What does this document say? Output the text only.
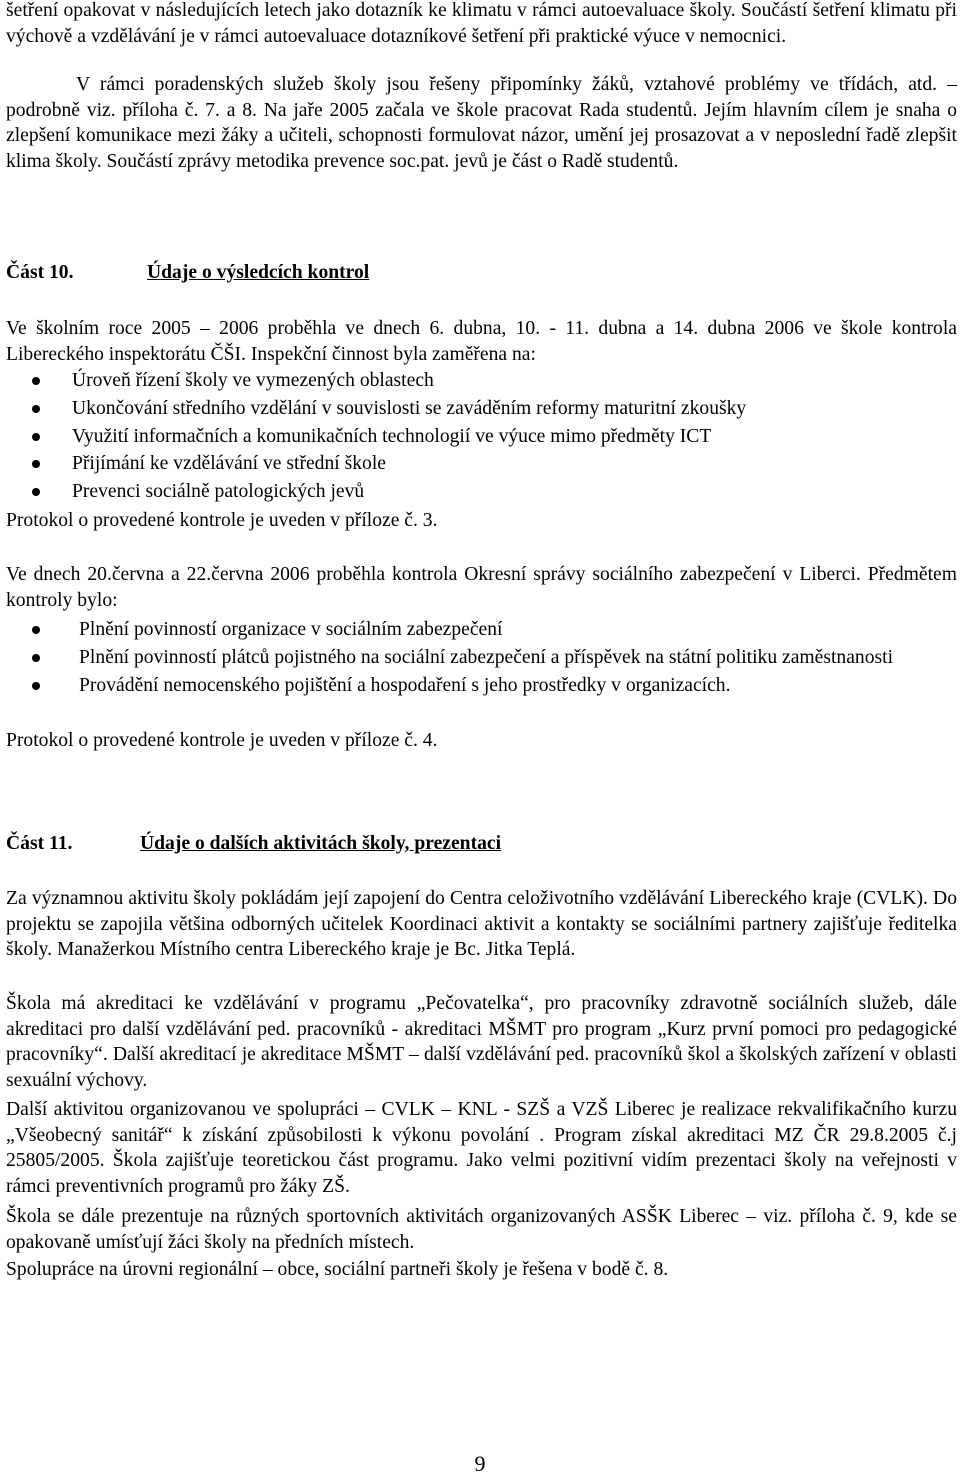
šetření opakovat v následujících letech jako dotazník ke klimatu v rámci autoevaluace školy. Součástí šetření klimatu při výchově a vzdělávání je v rámci autoevaluace dotazníkové šetření při praktické výuce v nemocnici.
V rámci poradenských služeb školy jsou řešeny připomínky žáků, vztahové problémy ve třídách, atd. – podrobně viz. příloha č. 7. a 8. Na jaře 2005 začala ve škole pracovat Rada studentů. Jejím hlavním cílem je snaha o zlepšení komunikace mezi žáky a učiteli, schopnosti formulovat názor, umění jej prosazovat a v neposlední řadě zlepšit klima školy. Součástí zprávy metodika prevence soc.pat. jevů je část o Radě studentů.
Část 10.	Údaje o výsledcích kontrol
Ve školním roce 2005 – 2006 proběhla ve dnech 6. dubna, 10. - 11. dubna a 14. dubna 2006 ve škole kontrola Libereckého inspektorátu ČŠI. Inspekční činnost byla zaměřena na:
Úroveň řízení školy ve vymezených oblastech
Ukončování středního vzdělání v souvislosti se zaváděním reformy maturitní zkoušky
Využití informačních a komunikačních technologií ve výuce mimo předměty ICT
Přijímání ke vzdělávání ve střední škole
Prevenci sociálně patologických jevů
Protokol o provedené kontrole je uveden v příloze č. 3.
Ve dnech 20.června a 22.června 2006 proběhla kontrola Okresní správy sociálního zabezpečení v Liberci. Předmětem kontroly bylo:
Plnění povinností organizace v sociálním zabezpečení
Plnění povinností plátců pojistného na sociální zabezpečení a příspěvek na státní politiku zaměstnanosti
Provádění nemocenského pojištění a hospodaření s jeho prostředky v organizacích.
Protokol o provedené kontrole je uveden v příloze č. 4.
Část 11.	Údaje o dalších aktivitách školy, prezentaci
Za významnou aktivitu školy pokládám její zapojení do Centra celoživotního vzdělávání Libereckého kraje (CVLK). Do projektu se zapojila většina odborných učitelek Koordinaci aktivit a kontakty se sociálními partnery zajišťuje ředitelka školy. Manažerkou Místního centra Libereckého kraje je Bc. Jitka Teplá.
Škola má akreditaci ke vzdělávání v programu „Pečovatelka“, pro pracovníky zdravotně sociálních služeb, dále akreditaci pro další vzdělávání ped. pracovníků - akreditaci MŠMT pro program „Kurz první pomoci pro pedagogické pracovníky“. Další akreditací je akreditace MŠMT – další vzdělávání ped. pracovníků škol a školských zařízení v oblasti sexuální výchovy.
Další aktivitou organizovanou ve spolupráci – CVLK – KNL - SZŠ a VZŠ Liberec je realizace rekvalifikačního kurzu „Všeobecný sanitář“ k získání způsobilosti k výkonu povolání . Program získal akreditaci MZ ČR 29.8.2005 č.j 25805/2005. Škola zajišťuje teoretickou část programu. Jako velmi pozitivní vidím prezentaci školy na veřejnosti v rámci preventivních programů pro žáky ZŠ.
Škola se dále prezentuje na různých sportovních aktivitách organizovaných ASŠK Liberec – viz. příloha č. 9, kde se opakovaně umísťují žáci školy na předních místech.
Spolupráce na úrovni regionální – obce, sociální partneři školy je řešena v bodě č. 8.
9
